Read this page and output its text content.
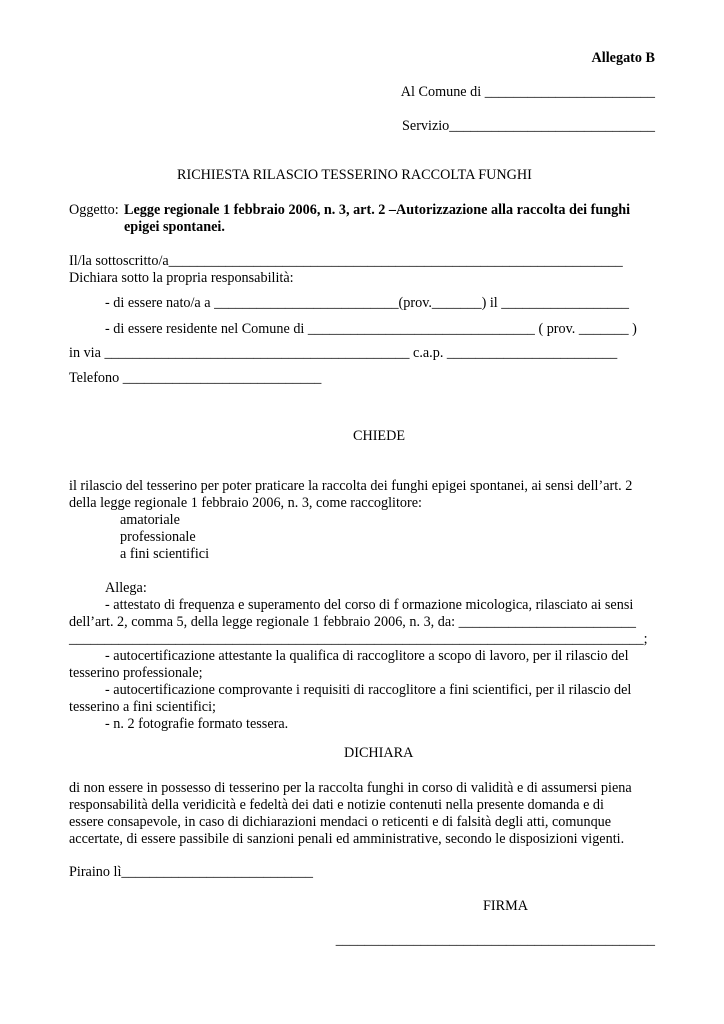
Allegato B
Al Comune di ________________________
Servizio_____________________________
RICHIESTA RILASCIO TESSERINO RACCOLTA FUNGHI
Oggetto: Legge regionale 1 febbraio 2006, n. 3, art. 2 –Autorizzazione alla raccolta dei funghi
epigei spontanei.
Il/la sottoscritto/a________________________________________________________________
Dichiara sotto la propria responsabilità:
- di essere nato/a a __________________________(prov._______) il __________________
- di essere residente nel Comune di ________________________________ ( prov. _______ )
in via ___________________________________________ c.a.p. ________________________
Telefono ____________________________
CHIEDE
il rilascio del tesserino per poter praticare la raccolta dei funghi epigei spontanei, ai sensi dell’art. 2
della legge regionale 1 febbraio 2006, n. 3, come raccoglitore:
amatoriale
professionale
a fini scientifici
Allega:
- attestato di frequenza e superamento del corso di f ormazione micologica, rilasciato ai sensi
dell’art. 2, comma 5, della legge regionale 1 febbraio 2006, n. 3, da: _________________________
_________________________________________________________________________________;
- autocertificazione attestante la qualifica di raccoglitore a scopo di lavoro, per il rilascio del
tesserino professionale;
- autocertificazione comprovante i requisiti di raccoglitore a fini scientifici, per il rilascio del
tesserino a fini scientifici;
- n. 2 fotografie formato tessera.
DICHIARA
di non essere in possesso di tesserino per la raccolta funghi in corso di validità e di assumersi piena
responsabilità della veridicità e fedeltà dei dati e notizie contenuti nella presente domanda e di
essere consapevole, in caso di dichiarazioni mendaci o reticenti e di falsità degli atti, comunque
accertate, di essere passibile di sanzioni penali ed amministrative, secondo le disposizioni vigenti.
Piraino lì___________________________
FIRMA
_____________________________________________
